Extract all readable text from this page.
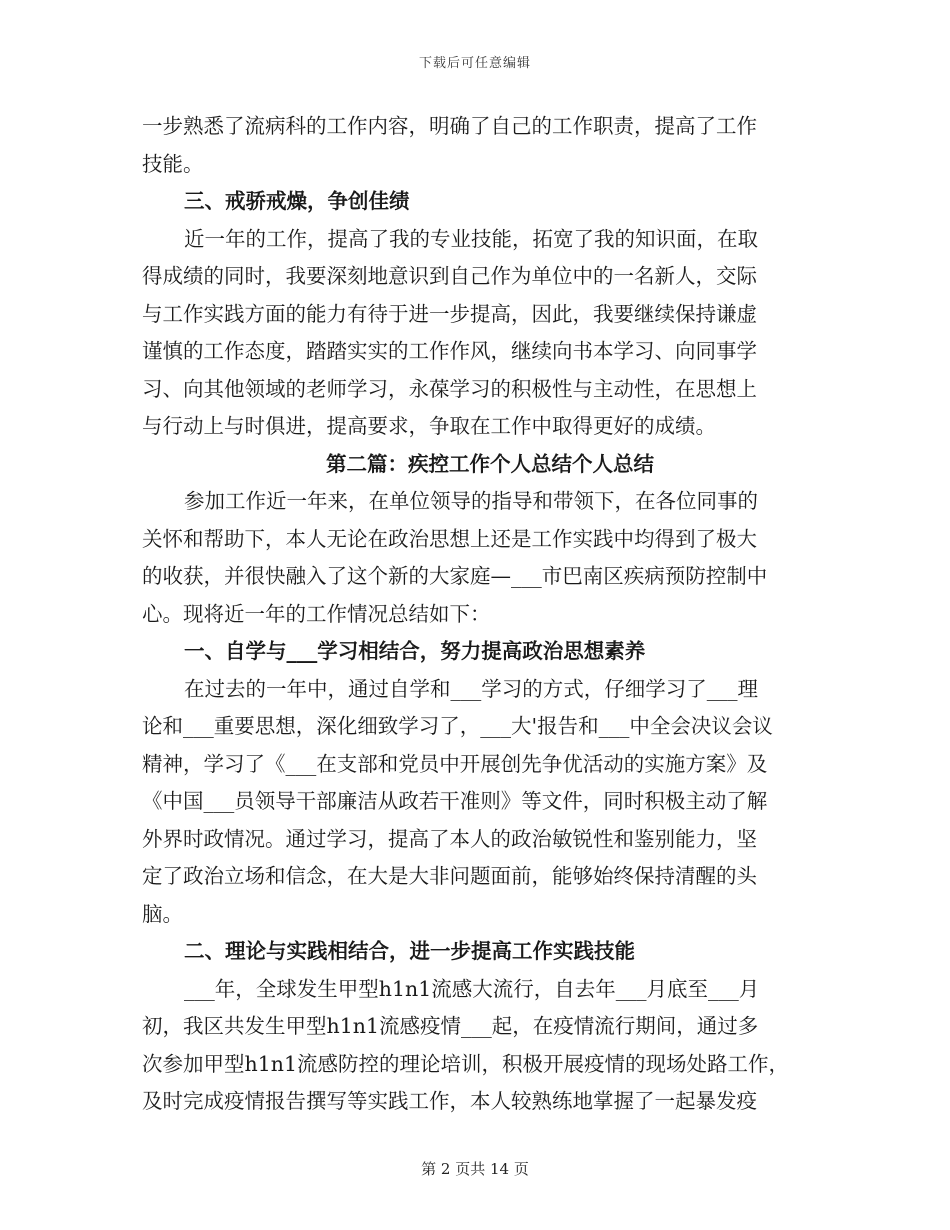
下载后可任意编辑
一步熟悉了流病科的工作内容，明确了自己的工作职责，提高了工作
技能。
三、戒骄戒燥，争创佳绩
近一年的工作，提高了我的专业技能，拓宽了我的知识面，在取
得成绩的同时，我要深刻地意识到自己作为单位中的一名新人，交际
与工作实践方面的能力有待于进一步提高，因此，我要继续保持谦虚
谨慎的工作态度，踏踏实实的工作作风，继续向书本学习、向同事学
习、向其他领域的老师学习，永葆学习的积极性与主动性，在思想上
与行动上与时俱进，提高要求，争取在工作中取得更好的成绩。
第二篇：疾控工作个人总结个人总结
参加工作近一年来，在单位领导的指导和带领下，在各位同事的
关怀和帮助下，本人无论在政治思想上还是工作实践中均得到了极大
的收获，并很快融入了这个新的大家庭—___市巴南区疾病预防控制中
心。现将近一年的工作情况总结如下：
一、自学与___学习相结合，努力提高政治思想素养
在过去的一年中，通过自学和___学习的方式，仔细学习了___理
论和___重要思想，深化细致学习了，___大'报告和___中全会决议会议
精神，学习了《___在支部和党员中开展创先争优活动的实施方案》及
《中国___员领导干部廉洁从政若干准则》等文件，同时积极主动了解
外界时政情况。通过学习，提高了本人的政治敏锐性和鉴别能力，坚
定了政治立场和信念，在大是大非问题面前，能够始终保持清醒的头
脑。
二、理论与实践相结合，进一步提高工作实践技能
___年，全球发生甲型h1n1流感大流行，自去年___月底至___月
初，我区共发生甲型h1n1流感疫情___起，在疫情流行期间，通过多
次参加甲型h1n1流感防控的理论培训，积极开展疫情的现场处路工作，
及时完成疫情报告撰写等实践工作，本人较熟练地掌握了一起暴发疫
第 2 页共 14 页
